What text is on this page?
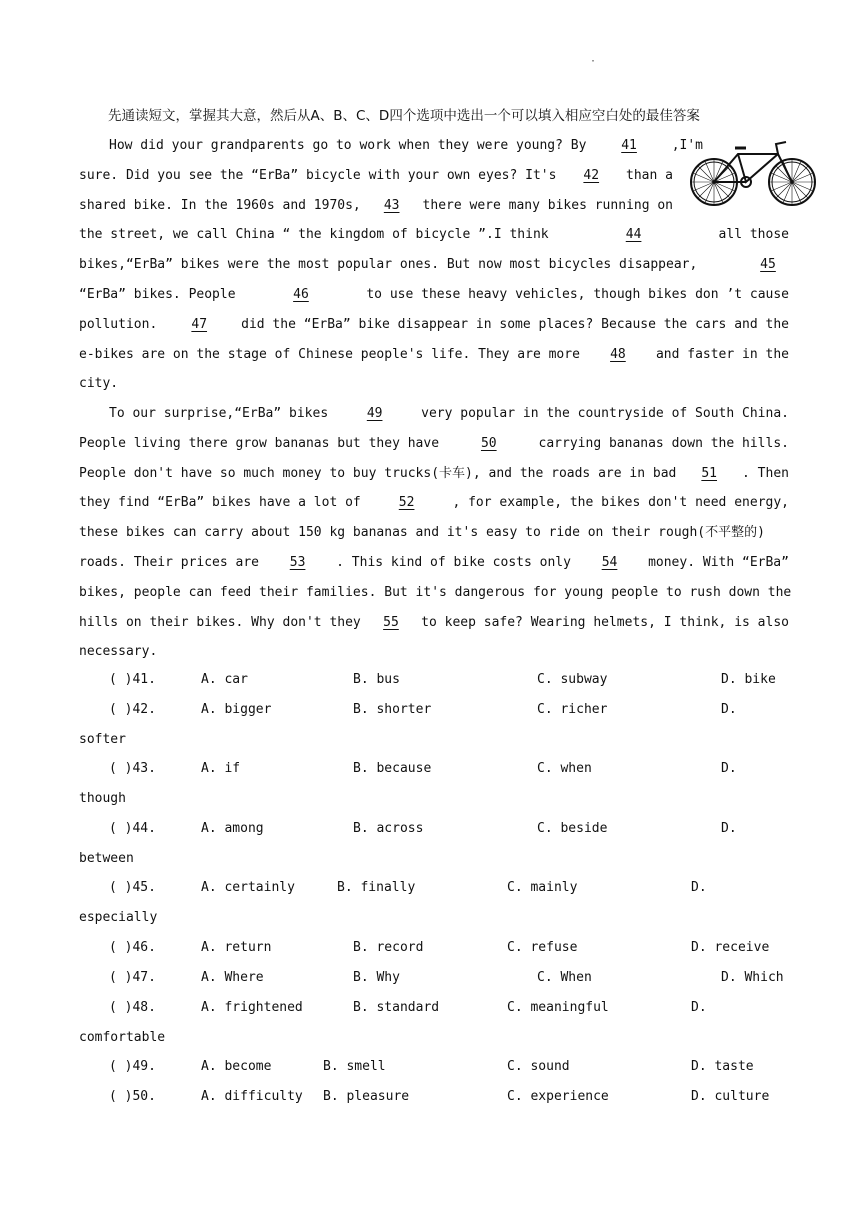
·
先通读短文，掌握其大意，然后从A、B、C、D四个选项中选出一个可以填入相应空白处的最佳答案
How did your grandparents go to work when they were young? By	41	,I'm
sure. Did you see the “ErBa” bicycle with your own eyes? It's	42	than a
shared bike. In the 1960s and 1970s,	43	there were many bikes running on
the street, we call China “ the kingdom of bicycle ”.I think	44	all those
bikes,“ErBa” bikes were the most popular ones. But now most bicycles disappear,	45
“ErBa” bikes. People	46	to use these heavy vehicles, though bikes don ’t cause
pollution.	47	did the “ErBa” bike disappear in some places? Because the cars and the
e-bikes are on the stage of Chinese people's life. They are more	48	and faster in the
city.
To our surprise,“ErBa” bikes	49	very popular in the countryside of South China.
People living there grow bananas but they have	50	carrying bananas down the hills.
People don't have so much money to buy trucks(卡车), and the roads are in bad	51	. Then
they find “ErBa” bikes have a lot of	52	, for example, the bikes don't need energy,
these bikes can carry about 150 kg bananas and it's easy to ride on their rough(不平整的)
roads. Their prices are	53	. This kind of bike costs only	54	money. With “ErBa”
bikes, people can feed their families. But it's dangerous for young people to rush down the
hills on their bikes. Why don't they	55	to keep safe? Wearing helmets, I think, is also
necessary.
( )41.	A. car	B. bus	C. subway	D. bike
( )42.	A. bigger	B. shorter	C. richer	D.
softer
( )43.	A. if	B. because	C. when	D.
though
( )44.	A. among	B. across	C. beside	D.
between
( )45.	A. certainly	B. finally	C. mainly	D.
especially
( )46.	A. return	B. record	C. refuse	D. receive
( )47.	A. Where	B. Why	C. When	D. Which
( )48.	A. frightened	B. standard	C. meaningful	D.
comfortable
( )49.	A. become	B. smell	C. sound	D. taste
( )50.	A. difficulty B. pleasure	C. experience	D. culture
